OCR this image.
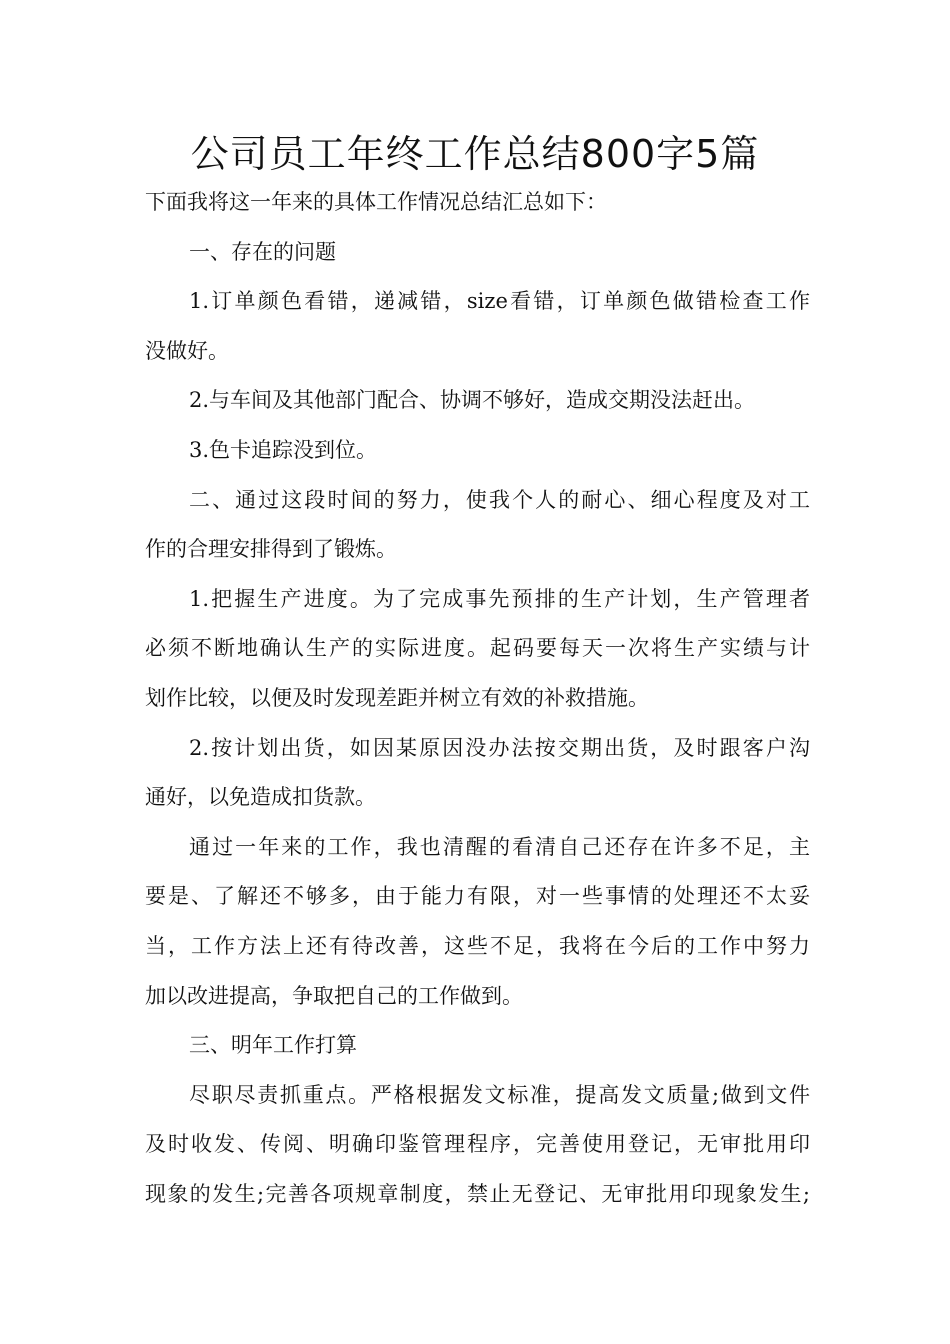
公司员工年终工作总结800字5篇
下面我将这一年来的具体工作情况总结汇总如下：
一、存在的问题
1.订单颜色看错，递减错，size看错，订单颜色做错检查工作
没做好。
2.与车间及其他部门配合、协调不够好，造成交期没法赶出。
3.色卡追踪没到位。
二、通过这段时间的努力，使我个人的耐心、细心程度及对工
作的合理安排得到了锻炼。
1.把握生产进度。为了完成事先预排的生产计划，生产管理者
必须不断地确认生产的实际进度。起码要每天一次将生产实绩与计
划作比较，以便及时发现差距并树立有效的补救措施。
2.按计划出货，如因某原因没办法按交期出货，及时跟客户沟
通好，以免造成扣货款。
通过一年来的工作，我也清醒的看清自己还存在许多不足，主
要是、了解还不够多，由于能力有限，对一些事情的处理还不太妥
当，工作方法上还有待改善，这些不足，我将在今后的工作中努力
加以改进提高，争取把自己的工作做到。
三、明年工作打算
尽职尽责抓重点。严格根据发文标准，提高发文质量;做到文件
及时收发、传阅、明确印鉴管理程序，完善使用登记，无审批用印
现象的发生;完善各项规章制度，禁止无登记、无审批用印现象发生;
